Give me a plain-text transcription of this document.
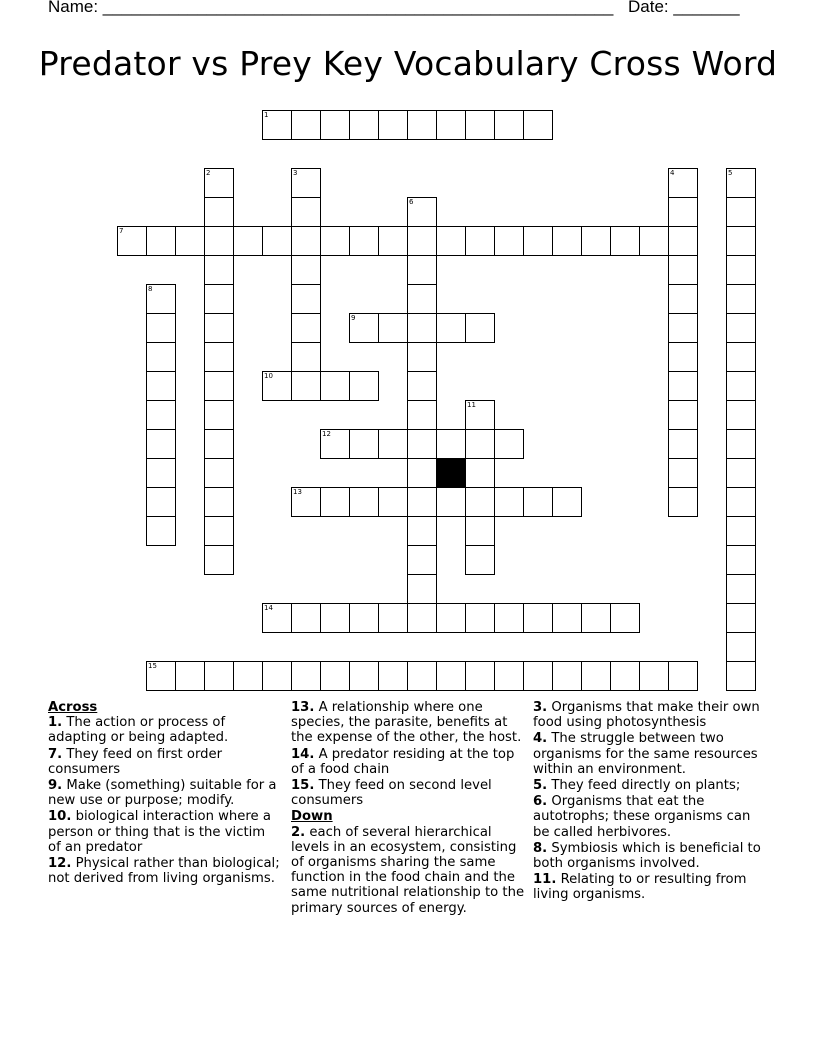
Name: ______________________________________________________ Date: _______
Predator vs Prey Key Vocabulary Cross Word
1
2	3	4	5
6
7
8
9
10
11
12
13
14
15
Across
1. The action or process of adapting or being adapted.
7. They feed on first order consumers
9. Make (something) suitable for a new use or purpose; modify.
10. biological interaction where a person or thing that is the victim of an predator
12. Physical rather than biological; not derived from living organisms.
13. A relationship where one species, the parasite, benefits at the expense of the other, the host.
14. A predator residing at the top of a food chain
15. They feed on second level consumers
Down
2. each of several hierarchical levels in an ecosystem, consisting of organisms sharing the same function in the food chain and the same nutritional relationship to the primary sources of energy.
3. Organisms that make their own food using photosynthesis
4. The struggle between two organisms for the same resources within an environment.
5. They feed directly on plants;
6. Organisms that eat the autotrophs; these organisms can be called herbivores.
8. Symbiosis which is beneficial to both organisms involved.
11. Relating to or resulting from living organisms.
